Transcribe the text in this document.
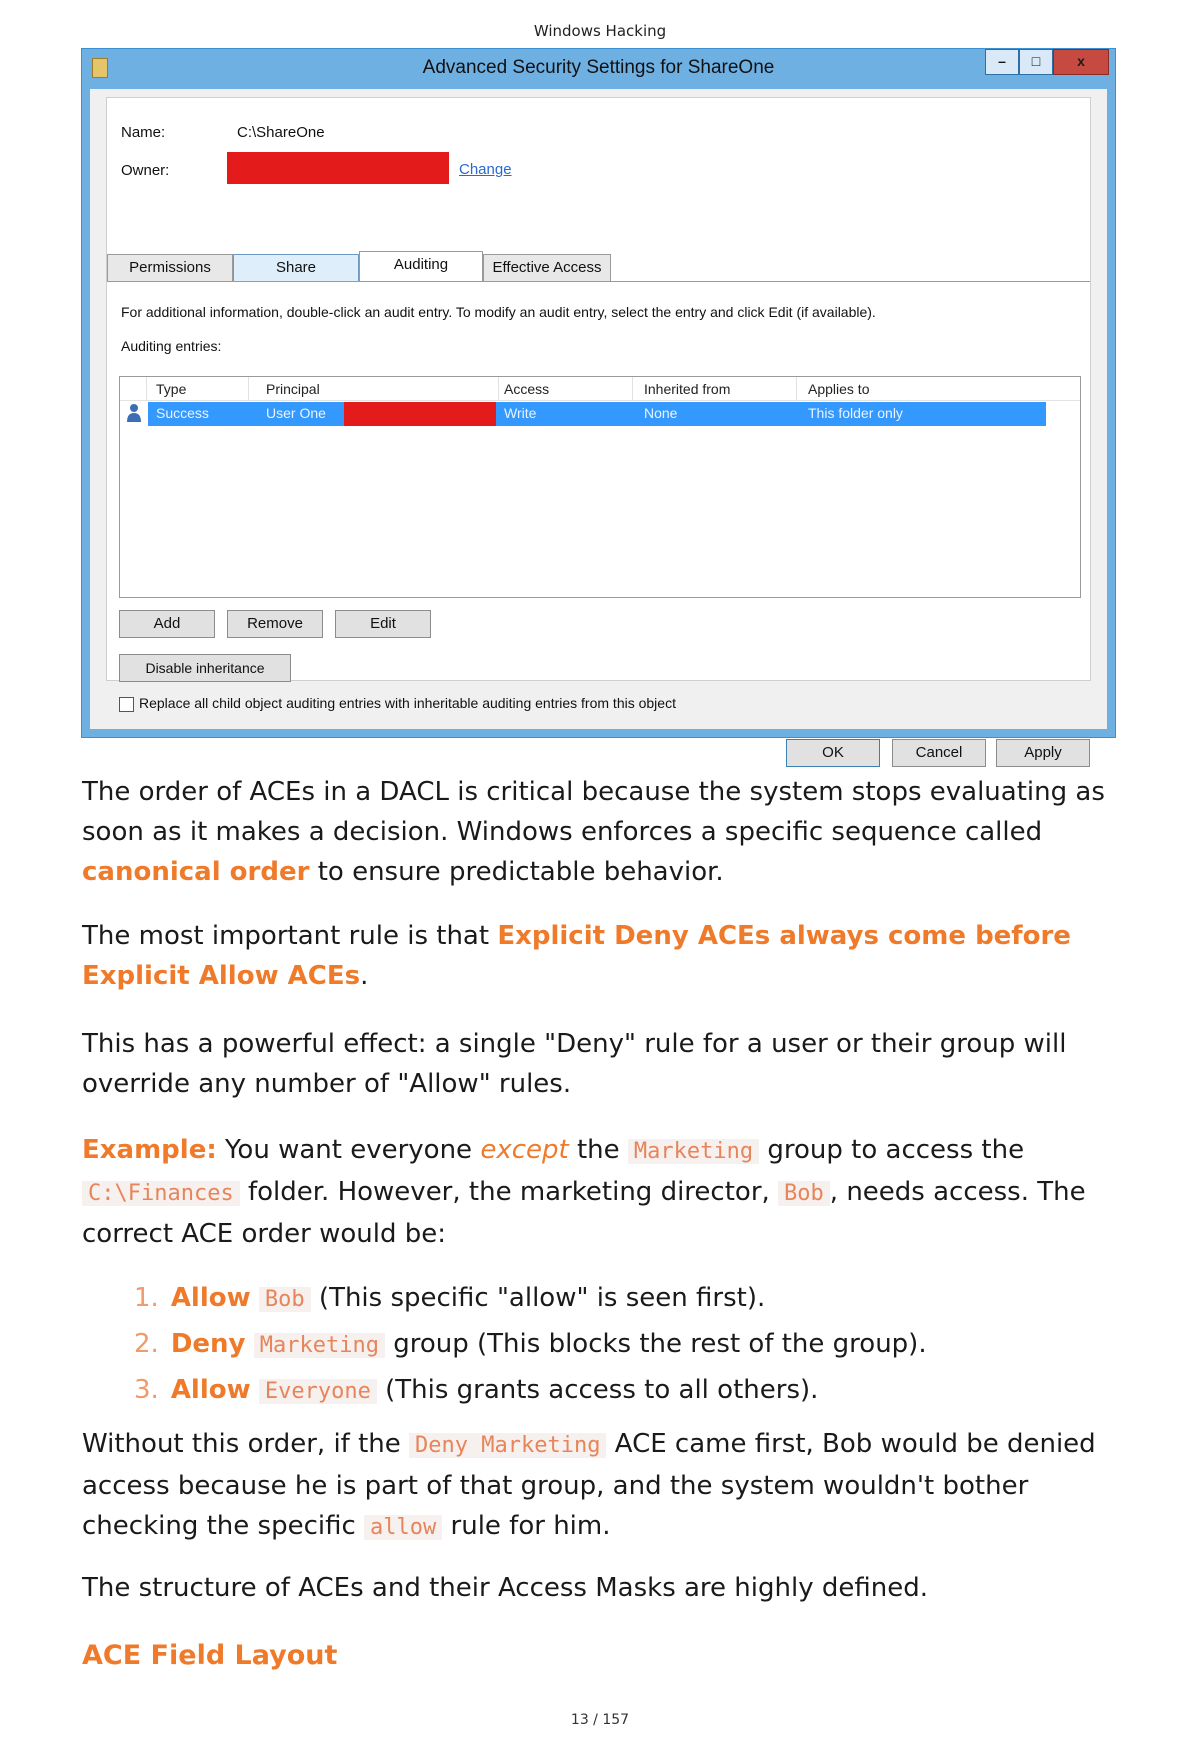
Windows Hacking
Advanced Security Settings for ShareOne	–	□	x
Name:	C:\ShareOne
Owner:	Change
Permissions	Share	Auditing	Effective Access
For additional information, double-click an audit entry. To modify an audit entry, select the entry and click Edit (if available).
Auditing entries:
Type	Principal	Access	Inherited from	Applies to
Success	User One	Write	None	This folder only
Add	Remove	Edit
Disable inheritance
Replace all child object auditing entries with inheritable auditing entries from this object
OK	Cancel	Apply
The order of ACEs in a DACL is critical because the system stops evaluating as soon as it makes a decision. Windows enforces a specific sequence called canonical order to ensure predictable behavior.
The most important rule is that Explicit Deny ACEs always come before Explicit Allow ACEs.
This has a powerful effect: a single "Deny" rule for a user or their group will override any number of "Allow" rules.
Example: You want everyone except the Marketing group to access the C:\Finances folder. However, the marketing director, Bob , needs access. The correct ACE order would be:
1. Allow Bob (This specific "allow" is seen first).
2. Deny Marketing group (This blocks the rest of the group).
3. Allow Everyone (This grants access to all others).
Without this order, if the Deny Marketing ACE came first, Bob would be denied access because he is part of that group, and the system wouldn't bother checking the specific allow rule for him.
The structure of ACEs and their Access Masks are highly defined.
ACE Field Layout
13 / 157
